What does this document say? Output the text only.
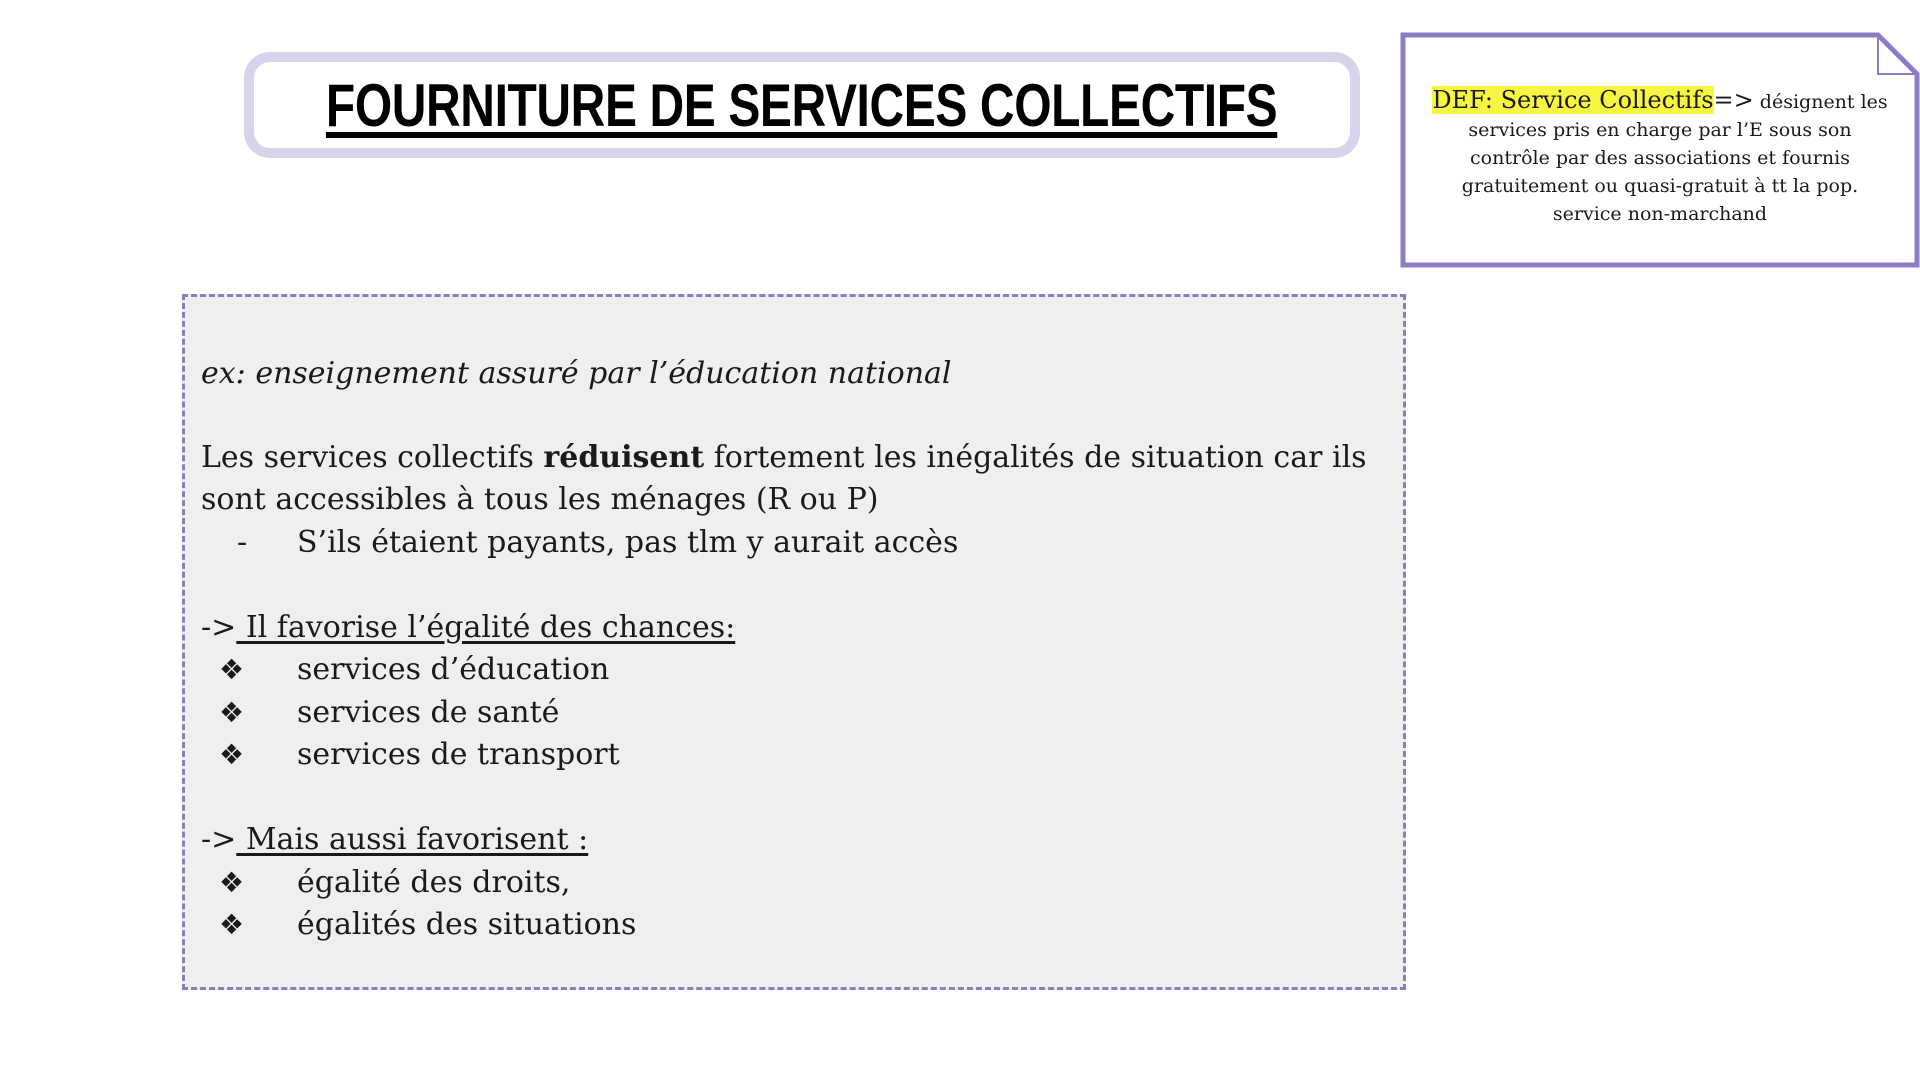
FOURNITURE DE SERVICES COLLECTIFS	DEF: Service Collectifs=> désignent les services pris en charge par l’E sous son contrôle par des associations et fournis gratuitement ou quasi-gratuit à tt la pop. service non-marchand
ex: enseignement assuré par l’éducation national

Les services collectifs réduisent fortement les inégalités de situation car ils sont accessibles à tous les ménages (R ou P)

-	S’ils étaient payants, pas tlm y aurait accès
-> Il favorise l’égalité des chances:
❖	services d’éducation
❖	services de santé
❖	services de transport
-> Mais aussi favorisent :
❖	égalité des droits,
❖	égalités des situations
